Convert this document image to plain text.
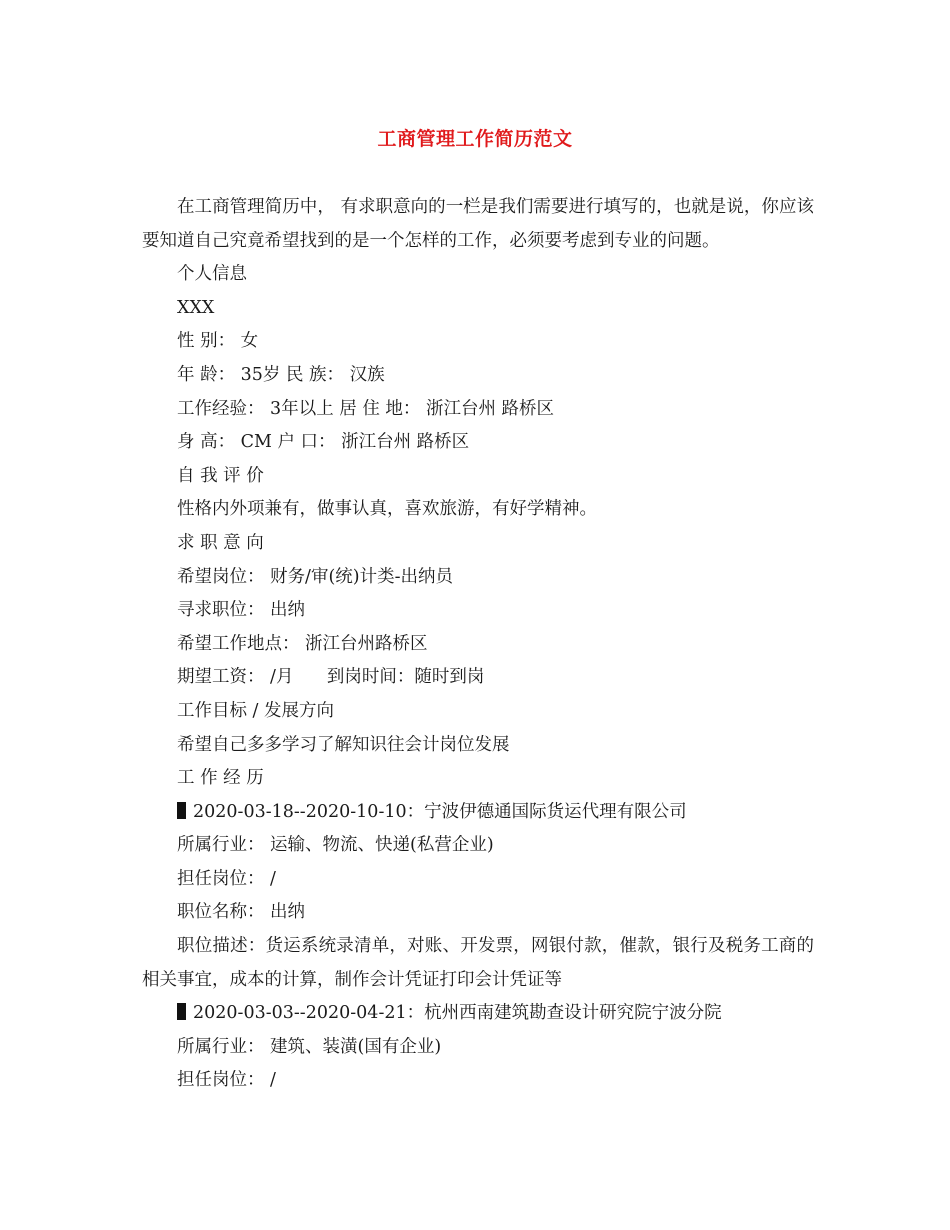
工商管理工作简历范文
在工商管理简历中， 有求职意向的一栏是我们需要进行填写的，也就是说，你应该要知道自己究竟希望找到的是一个怎样的工作，必须要考虑到专业的问题。
个人信息
XXX
性 别： 女
年 龄： 35岁 民 族： 汉族
工作经验： 3年以上 居 住 地： 浙江台州 路桥区
身 高： CM 户 口： 浙江台州 路桥区
自 我 评 价
性格内外项兼有，做事认真，喜欢旅游，有好学精神。
求 职 意 向
希望岗位： 财务/审(统)计类-出纳员
寻求职位： 出纳
希望工作地点： 浙江台州路桥区
期望工资： /月      到岗时间：随时到岗
工作目标 / 发展方向
希望自己多多学习了解知识往会计岗位发展
工 作 经 历
2020-03-18--2020-10-10：宁波伊德通国际货运代理有限公司
所属行业： 运输、物流、快递(私营企业)
担任岗位： /
职位名称： 出纳
职位描述：货运系统录清单，对账、开发票，网银付款，催款，银行及税务工商的相关事宜，成本的计算，制作会计凭证打印会计凭证等
2020-03-03--2020-04-21：杭州西南建筑勘查设计研究院宁波分院
所属行业： 建筑、装潢(国有企业)
担任岗位： /
